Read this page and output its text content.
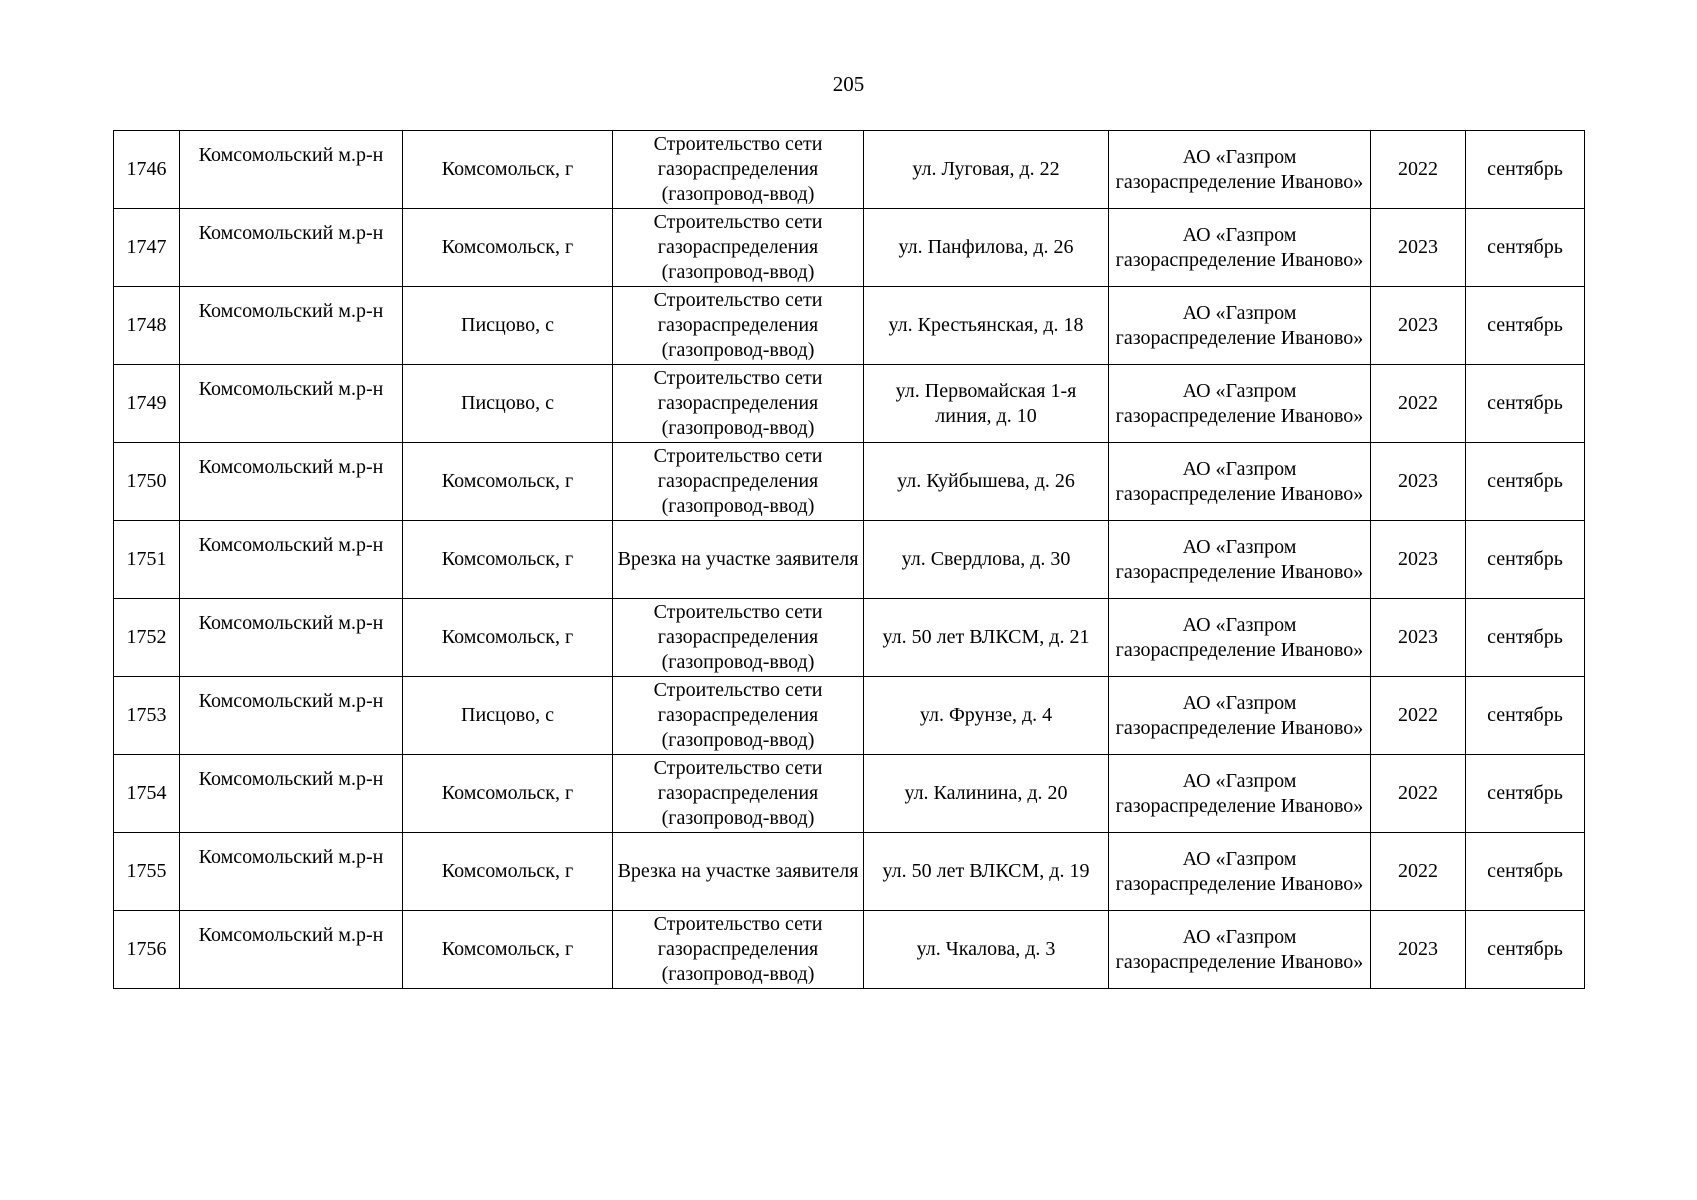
205
1746	Комсомольский м.р-н	Комсомольск, г	Строительство сети газораспределения (газопровод-ввод)	ул. Луговая, д. 22	АО «Газпром газораспределение Иваново»	2022	сентябрь
1747	Комсомольский м.р-н	Комсомольск, г	Строительство сети газораспределения (газопровод-ввод)	ул. Панфилова, д. 26	АО «Газпром газораспределение Иваново»	2023	сентябрь
1748	Комсомольский м.р-н	Писцово, с	Строительство сети газораспределения (газопровод-ввод)	ул. Крестьянская, д. 18	АО «Газпром газораспределение Иваново»	2023	сентябрь
1749	Комсомольский м.р-н	Писцово, с	Строительство сети газораспределения (газопровод-ввод)	ул. Первомайская 1-я линия, д. 10	АО «Газпром газораспределение Иваново»	2022	сентябрь
1750	Комсомольский м.р-н	Комсомольск, г	Строительство сети газораспределения (газопровод-ввод)	ул. Куйбышева, д. 26	АО «Газпром газораспределение Иваново»	2023	сентябрь
1751	Комсомольский м.р-н	Комсомольск, г	Врезка на участке заявителя	ул. Свердлова, д. 30	АО «Газпром газораспределение Иваново»	2023	сентябрь
1752	Комсомольский м.р-н	Комсомольск, г	Строительство сети газораспределения (газопровод-ввод)	ул. 50 лет ВЛКСМ, д. 21	АО «Газпром газораспределение Иваново»	2023	сентябрь
1753	Комсомольский м.р-н	Писцово, с	Строительство сети газораспределения (газопровод-ввод)	ул. Фрунзе, д. 4	АО «Газпром газораспределение Иваново»	2022	сентябрь
1754	Комсомольский м.р-н	Комсомольск, г	Строительство сети газораспределения (газопровод-ввод)	ул. Калинина, д. 20	АО «Газпром газораспределение Иваново»	2022	сентябрь
1755	Комсомольский м.р-н	Комсомольск, г	Врезка на участке заявителя	ул. 50 лет ВЛКСМ, д. 19	АО «Газпром газораспределение Иваново»	2022	сентябрь
1756	Комсомольский м.р-н	Комсомольск, г	Строительство сети газораспределения (газопровод-ввод)	ул. Чкалова, д. 3	АО «Газпром газораспределение Иваново»	2023	сентябрь
